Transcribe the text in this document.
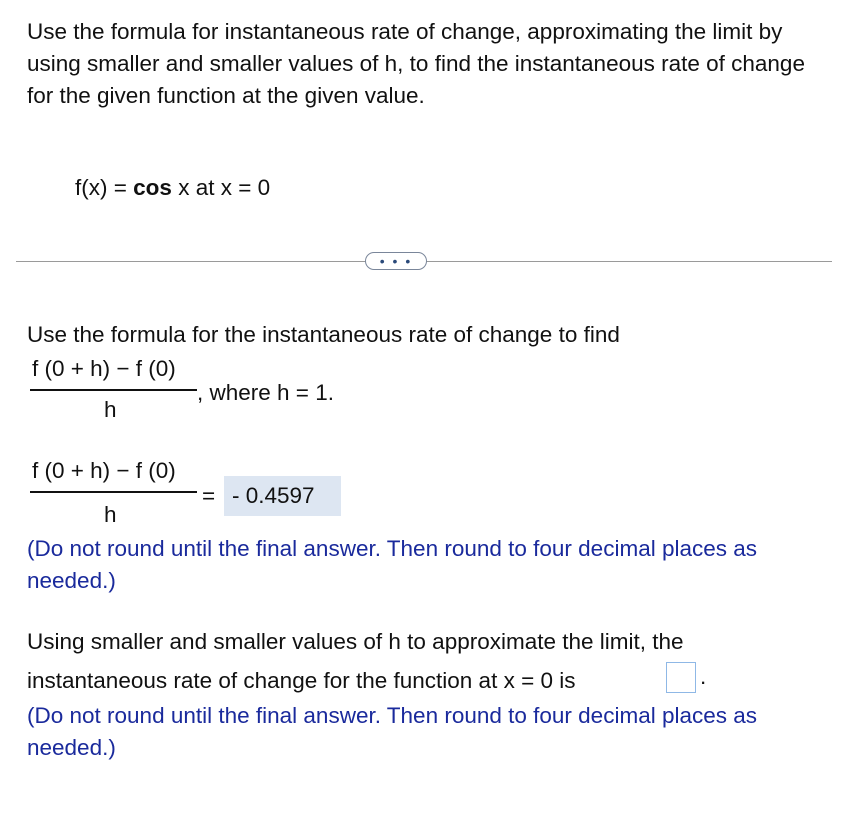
Use the formula for instantaneous rate of change, approximating the limit by using smaller and smaller values of h, to find the instantaneous rate of change for the given function at the given value.
f(x) = cos x at x = 0
• • •
Use the formula for the instantaneous rate of change to find
f (0 + h) − f (0)
h
, where h = 1.
f (0 + h) − f (0)
h
= - 0.4597
(Do not round until the final answer. Then round to four decimal places as needed.)
Using smaller and smaller values of h to approximate the limit, the instantaneous rate of change for the function at x = 0 is	.
(Do not round until the final answer. Then round to four decimal places as needed.)
